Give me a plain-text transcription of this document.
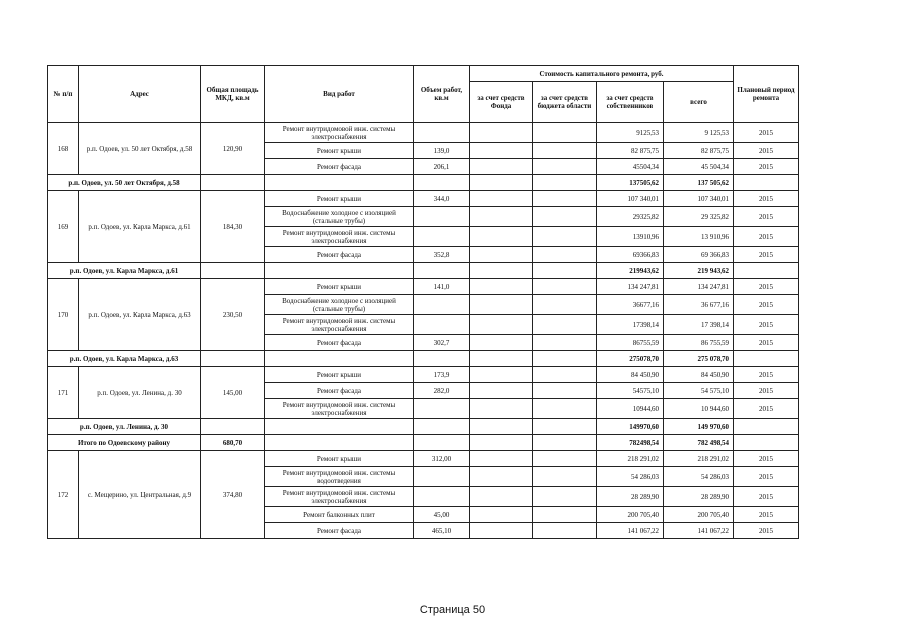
№ п/п	Адрес	Общая площадь МКД, кв.м	Вид работ	Объем работ, кв.м	Стоимость капитального ремонта, руб.				Плановый период ремонта
					за счет средств Фонда	за счет средств бюджета области	за счет средств собственников	всего	
168	р.п. Одоев, ул. 50 лет Октября, д.58	120,90	Ремонт внутридомовой инж. системы электроснабжения				9125,53	9 125,53	2015
			Ремонт крыши	139,0			82 875,75	82 875,75	2015
			Ремонт фасада	206,1			45504,34	45 504,34	2015
р.п. Одоев, ул. 50 лет Октября, д.58							137505,62	137 505,62	
169	р.п. Одоев, ул. Карла Маркса, д.61	184,30	Ремонт крыши	344,0			107 340,01	107 340,01	2015
			Водоснабжение холодное с изоляцией (стальные трубы)				29325,82	29 325,82	2015
			Ремонт внутридомовой инж. системы электроснабжения				13910,96	13 910,96	2015
			Ремонт фасада	352,8			69366,83	69 366,83	2015
р.п. Одоев, ул. Карла Маркса, д.61							219943,62	219 943,62	
170	р.п. Одоев, ул. Карла Маркса, д.63	230,50	Ремонт крыши	141,0			134 247,81	134 247,81	2015
			Водоснабжение холодное с изоляцией (стальные трубы)				36677,16	36 677,16	2015
			Ремонт внутридомовой инж. системы электроснабжения				17398,14	17 398,14	2015
			Ремонт фасада	302,7			86755,59	86 755,59	2015
р.п. Одоев, ул. Карла Маркса, д.63							275078,70	275 078,70	
171	р.п. Одоев, ул. Ленина, д. 30	145,00	Ремонт крыши	173,9			84 450,90	84 450,90	2015
			Ремонт фасада	282,0			54575,10	54 575,10	2015
			Ремонт внутридомовой инж. системы электроснабжения				10944,60	10 944,60	2015
р.п. Одоев, ул. Ленина, д. 30							149970,60	149 970,60	
Итого по Одоевскому району		680,70					782498,54	782 498,54	
172	с. Мещерино, ул. Центральная, д.9	374,80	Ремонт крыши	312,00			218 291,02	218 291,02	2015
			Ремонт внутридомовой инж. системы водоотведения				54 286,03	54 286,03	2015
			Ремонт внутридомовой инж. системы электроснабжения				28 289,90	28 289,90	2015
			Ремонт балконных плит	45,00			200 705,40	200 705,40	2015
			Ремонт фасада	465,10			141 067,22	141 067,22	2015
Страница 50
